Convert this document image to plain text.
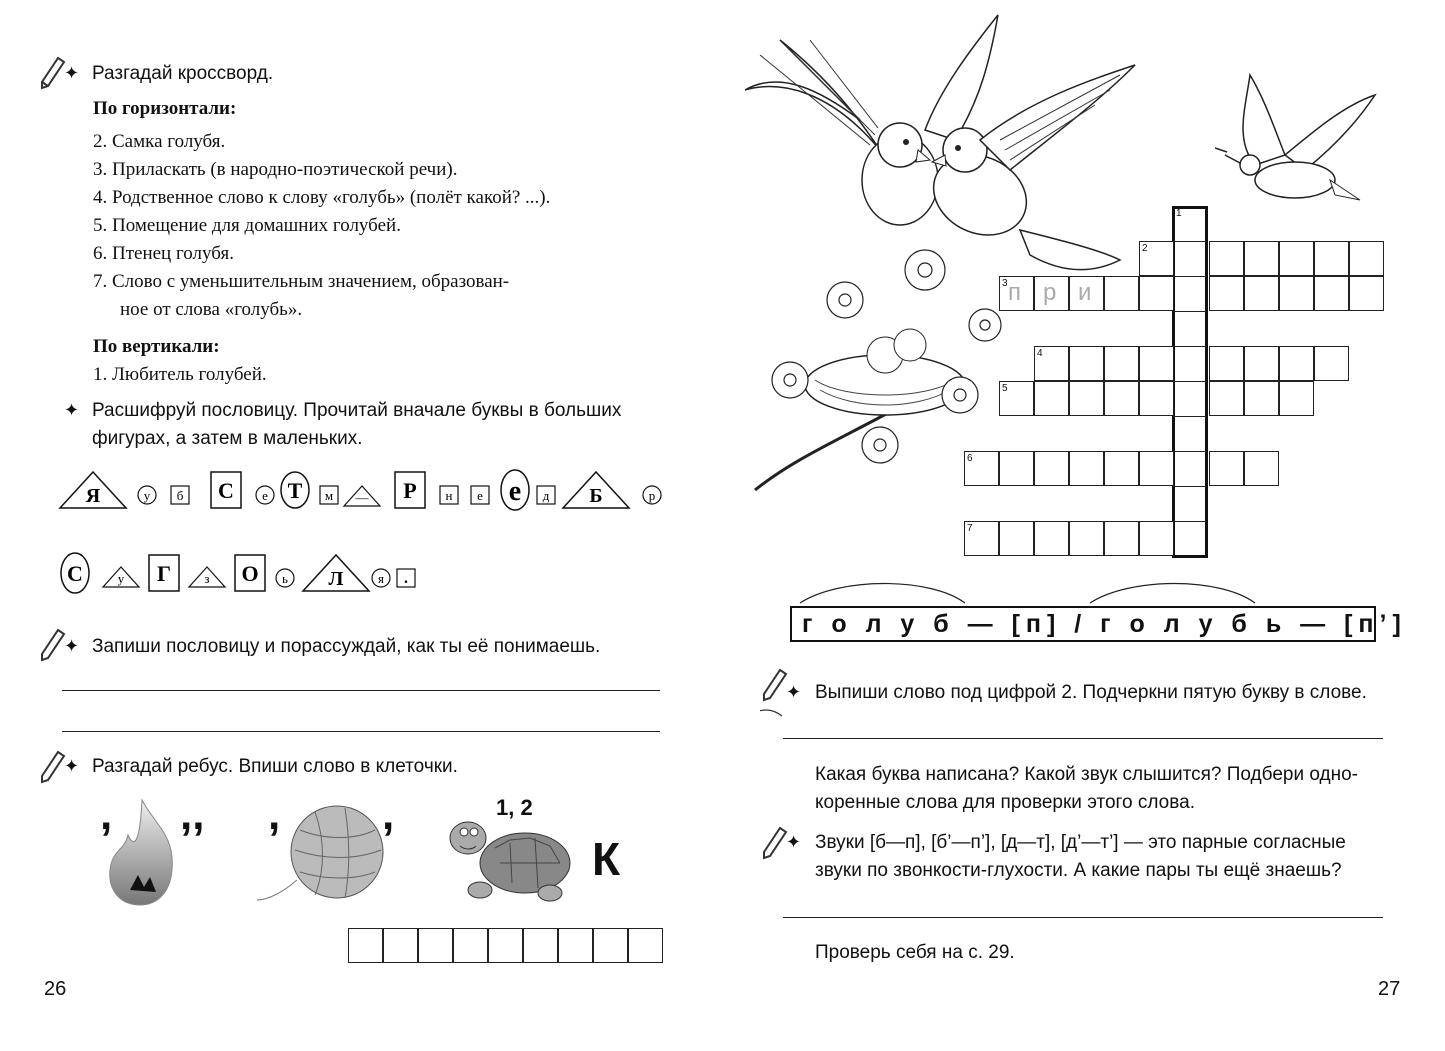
✦ Разгадай кроссворд.
По горизонтали:
2. Самка голубя.
3. Приласкать (в народно-поэтической речи).
4. Родственное слово к слову «голубь» (полёт какой? ...).
5. Помещение для домашних голубей.
6. Птенец голубя.
7. Слово с уменьшительным значением, образован-
ное от слова «голубь».
По вертикали:
1. Любитель голубей.
✦ Расшифруй пословицу. Прочитай вначале буквы в больших
фигурах, а затем в маленьких.
Я	у б С е Т м — Р н е е д Б	р
С	у Г	з О ь Л	я .
✦ Запиши пословицу и порассуждай, как ты её понимаешь.
✦ Разгадай ребус. Впиши слово в клеточки.
, ,, , ,	1, 2
К
26
1
2
3 п р и
4
5
6
7
г о л у б — [п] / г о л у б ь — [п’]
✦ Выпиши слово под цифрой 2. Подчеркни пятую букву в слове.
Какая буква написана? Какой звук слышится? Подбери одно-
коренные слова для проверки этого слова.
✦ Звуки [б—п], [б’—п’], [д—т], [д’—т’] — это парные согласные
звуки по звонкости-глухости. А какие пары ты ещё знаешь?
Проверь себя на с. 29.
27
